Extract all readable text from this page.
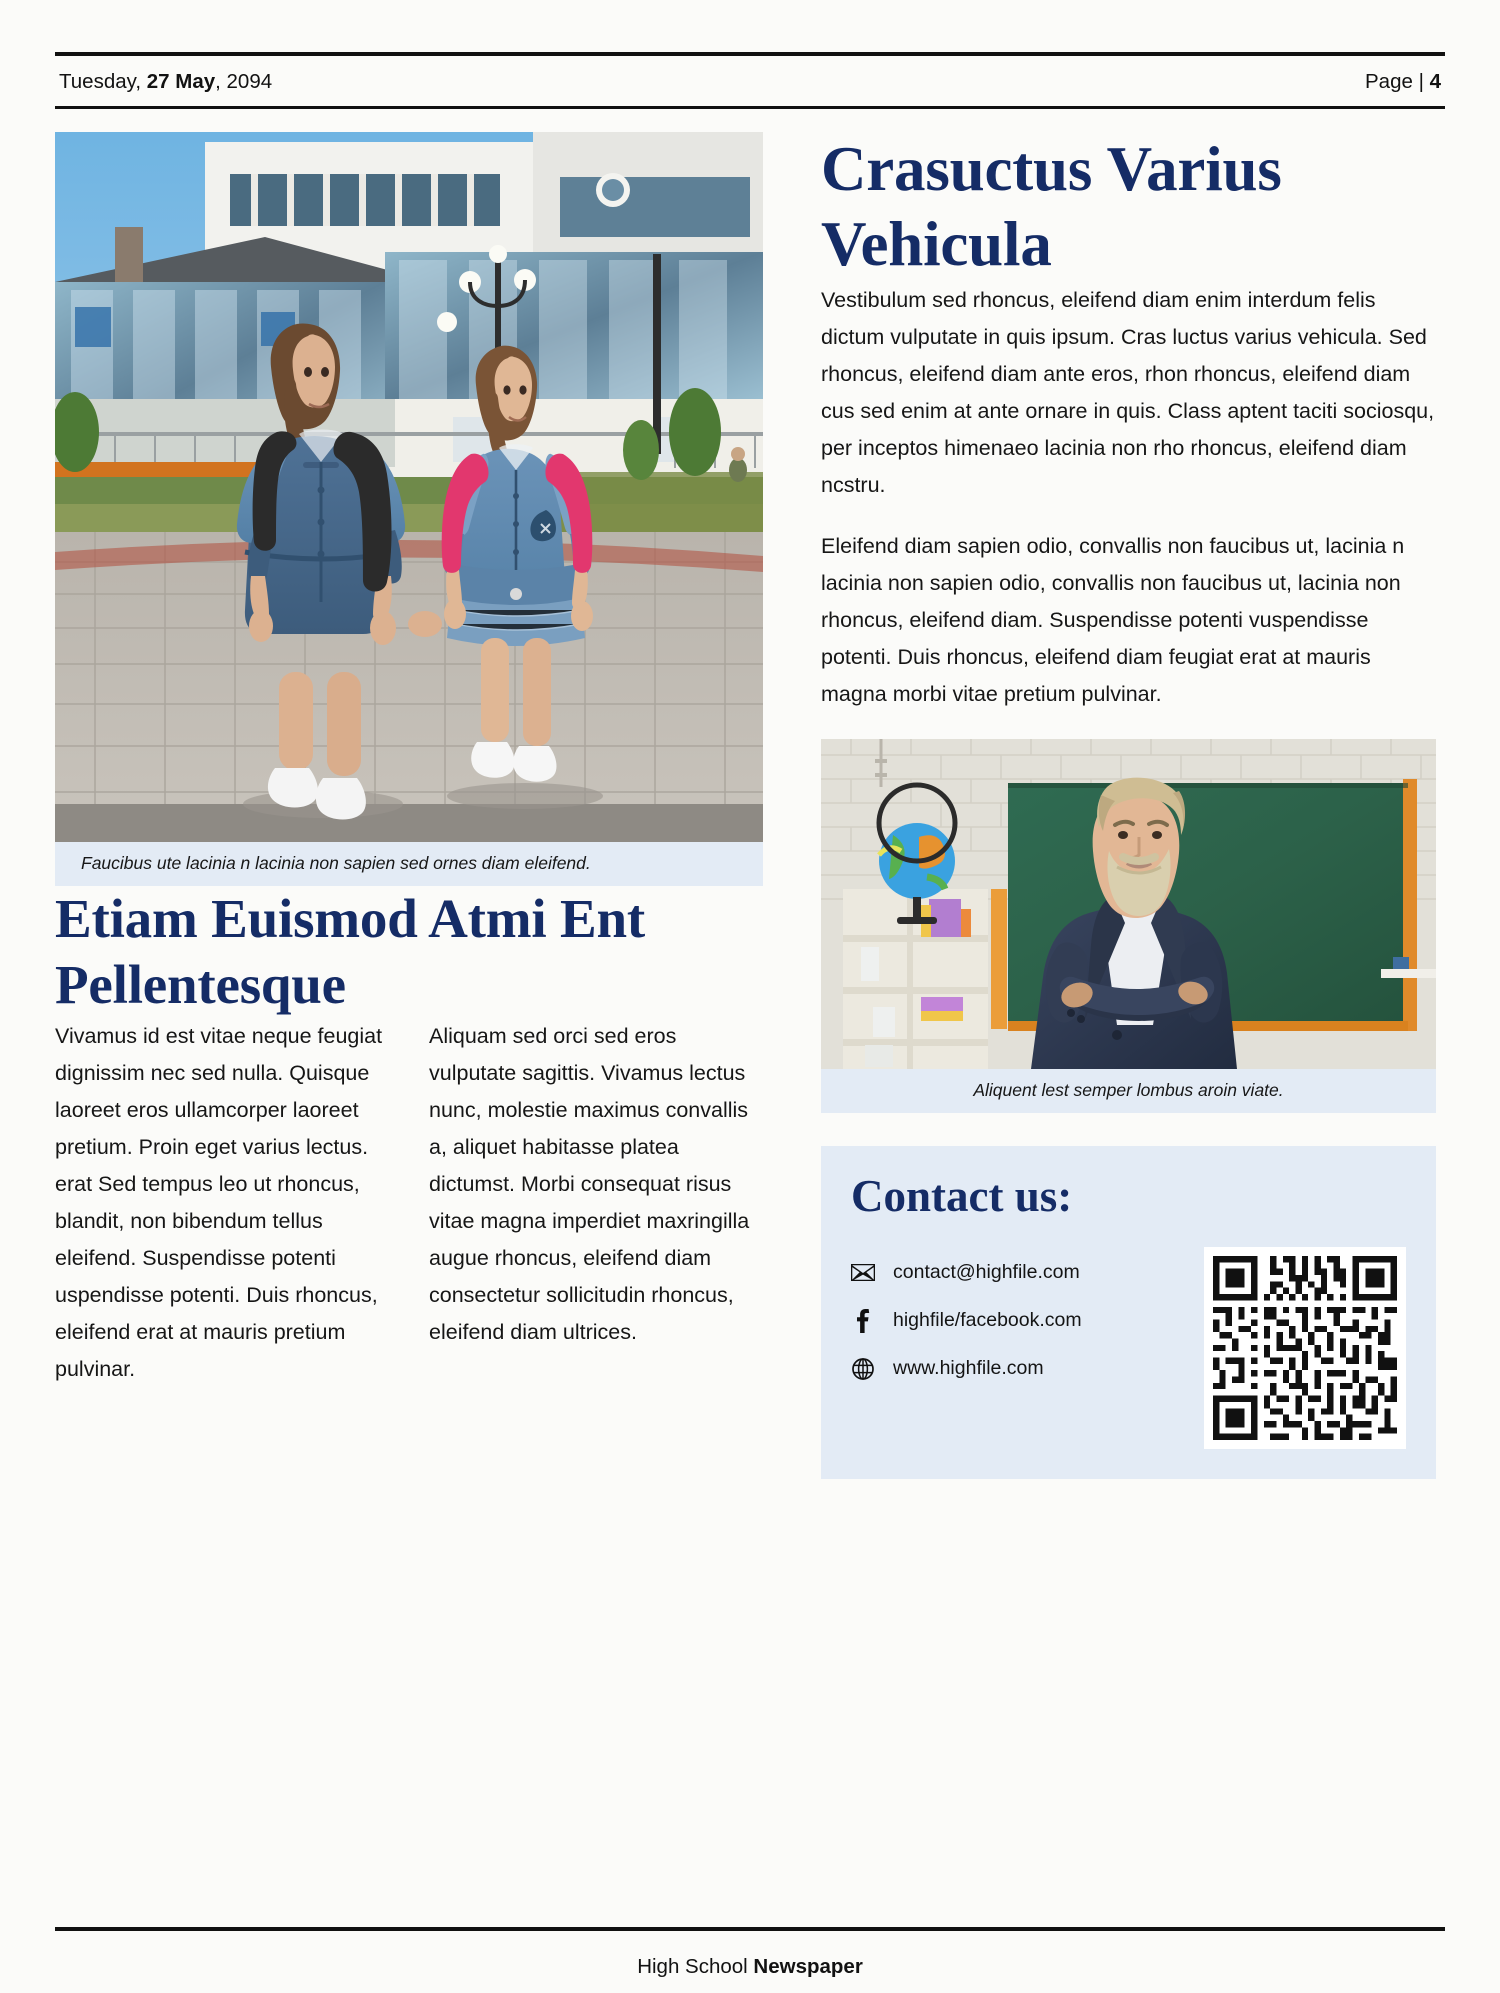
Tuesday, 27 May, 2094	Page | 4
Faucibus ute lacinia n lacinia non sapien sed ornes diam eleifend.
Etiam Euismod Atmi Ent Pellentesque

Vivamus id est vitae neque feugiat dignissim nec sed nulla. Quisque laoreet eros ullamcorper laoreet pretium. Proin eget varius lectus. erat Sed tempus leo ut rhoncus, blandit, non bibendum tellus eleifend. Suspendisse potenti uspendisse potenti. Duis rhoncus, eleifend erat at mauris pretium pulvinar.

Aliquam sed orci sed eros vulputate sagittis. Vivamus lectus nunc, molestie maximus convallis a, aliquet habitasse platea dictumst. Morbi consequat risus vitae magna imperdiet maxringilla augue rhoncus, eleifend diam consectetur sollicitudin rhoncus, eleifend diam ultrices.

Crasuctus Varius Vehicula

Vestibulum sed rhoncus, eleifend diam enim interdum felis dictum vulputate in quis ipsum. Cras luctus varius vehicula. Sed rhoncus, eleifend diam ante eros, rhon rhoncus, eleifend diam cus sed enim at ante ornare in quis. Class aptent taciti sociosqu, per inceptos himenaeo lacinia non rho rhoncus, eleifend diam ncstru.

Eleifend diam sapien odio, convallis non faucibus ut, lacinia n lacinia non sapien odio, convallis non faucibus ut, lacinia non rhoncus, eleifend diam. Suspendisse potenti vuspendisse potenti. Duis rhoncus, eleifend diam feugiat erat at mauris magna morbi vitae pretium pulvinar.

Aliquent lest semper lombus aroin viate.
Contact us:
contact@highfile.com
highfile/facebook.com
www.highfile.com
High School Newspaper
